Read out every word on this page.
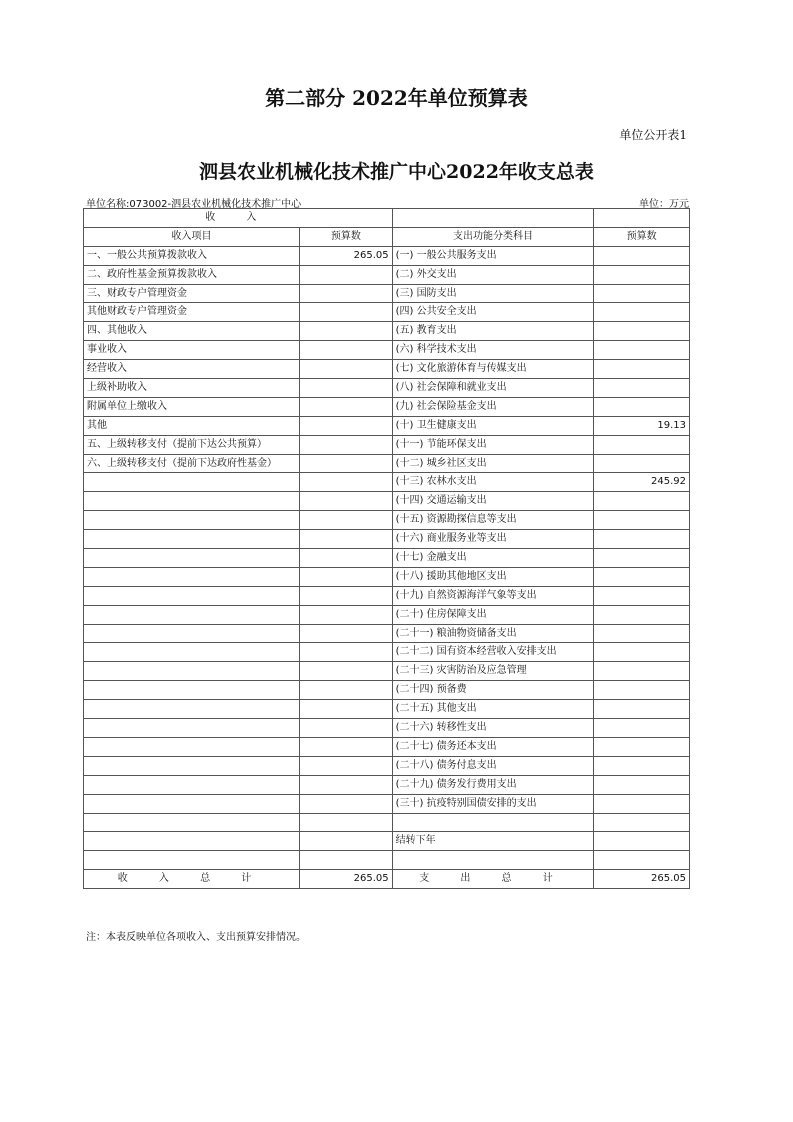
第二部分 2022年单位预算表
单位公开表1
泗县农业机械化技术推广中心2022年收支总表
单位名称:073002-泗县农业机械化技术推广中心	单位：万元
收 入			
收入项目	预算数	支出功能分类科目	预算数
一、一般公共预算拨款收入	265.05	(一) 一般公共服务支出	
二、政府性基金预算拨款收入		(二) 外交支出	
三、财政专户管理资金		(三) 国防支出	
其他财政专户管理资金		(四) 公共安全支出	
四、其他收入		(五) 教育支出	
事业收入		(六) 科学技术支出	
经营收入		(七) 文化旅游体育与传媒支出	
上级补助收入		(八) 社会保障和就业支出	
附属单位上缴收入		(九) 社会保险基金支出	
其他		(十) 卫生健康支出	19.13
五、上级转移支付（提前下达公共预算）		(十一) 节能环保支出	
六、上级转移支付（提前下达政府性基金）		(十二) 城乡社区支出	
		(十三) 农林水支出	245.92
		(十四) 交通运输支出	
		(十五) 资源勘探信息等支出	
		(十六) 商业服务业等支出	
		(十七) 金融支出	
		(十八) 援助其他地区支出	
		(十九) 自然资源海洋气象等支出	
		(二十) 住房保障支出	
		(二十一) 粮油物资储备支出	
		(二十二) 国有资本经营收入安排支出	
		(二十三) 灾害防治及应急管理	
		(二十四) 预备费	
		(二十五) 其他支出	
		(二十六) 转移性支出	
		(二十七) 债务还本支出	
		(二十八) 债务付息支出	
		(二十九) 债务发行费用支出	
		(三十) 抗疫特别国债安排的支出	

		结转下年	

收 入 总 计	265.05	支 出 总 计	265.05
注：本表反映单位各项收入、支出预算安排情况。
